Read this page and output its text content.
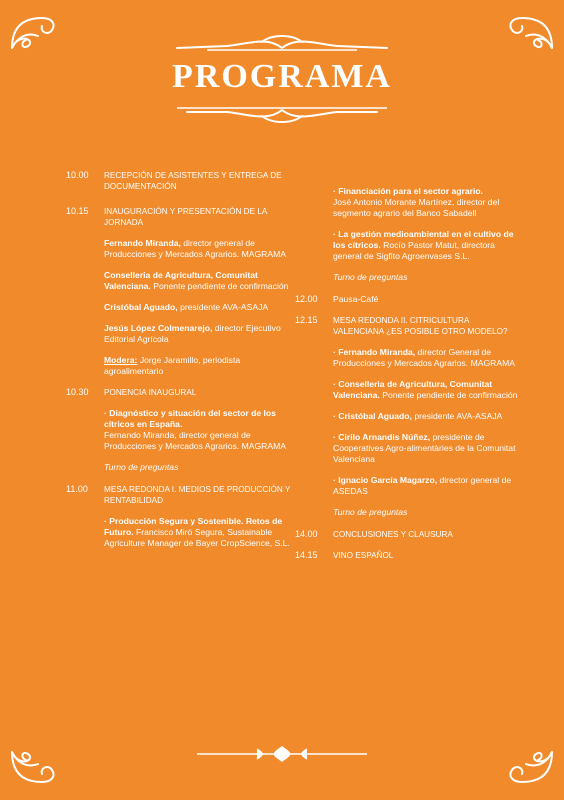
PROGRAMA
10.00	RECEPCIÓN DE ASISTENTES Y ENTREGA DE DOCUMENTACIÓN
10.15	INAUGURACIÓN Y PRESENTACIÓN DE LA JORNADA
Fernando Miranda, director general de Producciones y Mercados Agrarios. MAGRAMA
Conselleria de Agricultura, Comunitat Valenciana. Ponente pendiente de confirmación
Cristóbal Aguado, presidente AVA-ASAJA
Jesús López Colmenarejo, director Ejecutivo Editorial Agrícola
Modera: Jorge Jaramillo, periodista agroalimentario
10.30	PONENCIA INAUGURAL
· Diagnóstico y situación del sector de los cítricos en España.
Fernando Miranda, director general de Producciones y Mercados Agrarios. MAGRAMA
Turno de preguntas
11.00	MESA REDONDA I. MEDIOS DE PRODUCCIÓN Y RENTABILIDAD
· Producción Segura y Sostenible. Retos de Futuro. Francisco Miró Segura, Sustainable Agriculture Manager de Bayer CropScience, S.L.
· Financiación para el sector agrario.
José Antonio Morante Martínez, director del segmento agrario del Banco Sabadell
· La gestión medioambiental en el cultivo de los cítricos. Rocío Pastor Matut, directora general de Sigfito Agroenvases S.L.
Turno de preguntas
12.00	Pausa-Café
12.15	MESA REDONDA II. CITRICULTURA VALENCIANA ¿ES POSIBLE OTRO MODELO?
· Fernando Miranda, director General de Producciones y Mercados Agrarios. MAGRAMA
· Conselleria de Agricultura, Comunitat Valenciana. Ponente pendiente de confirmación
· Cristóbal Aguado, presidente AVA-ASAJA
· Cirilo Arnandis Núñez, presidente de Cooperatives Agro-alimentàries de la Comunitat Valenciana
· Ignacio García Magarzo, director general de ASEDAS
Turno de preguntas
14.00	CONCLUSIONES Y CLAUSURA
14.15	VINO ESPAÑOL
